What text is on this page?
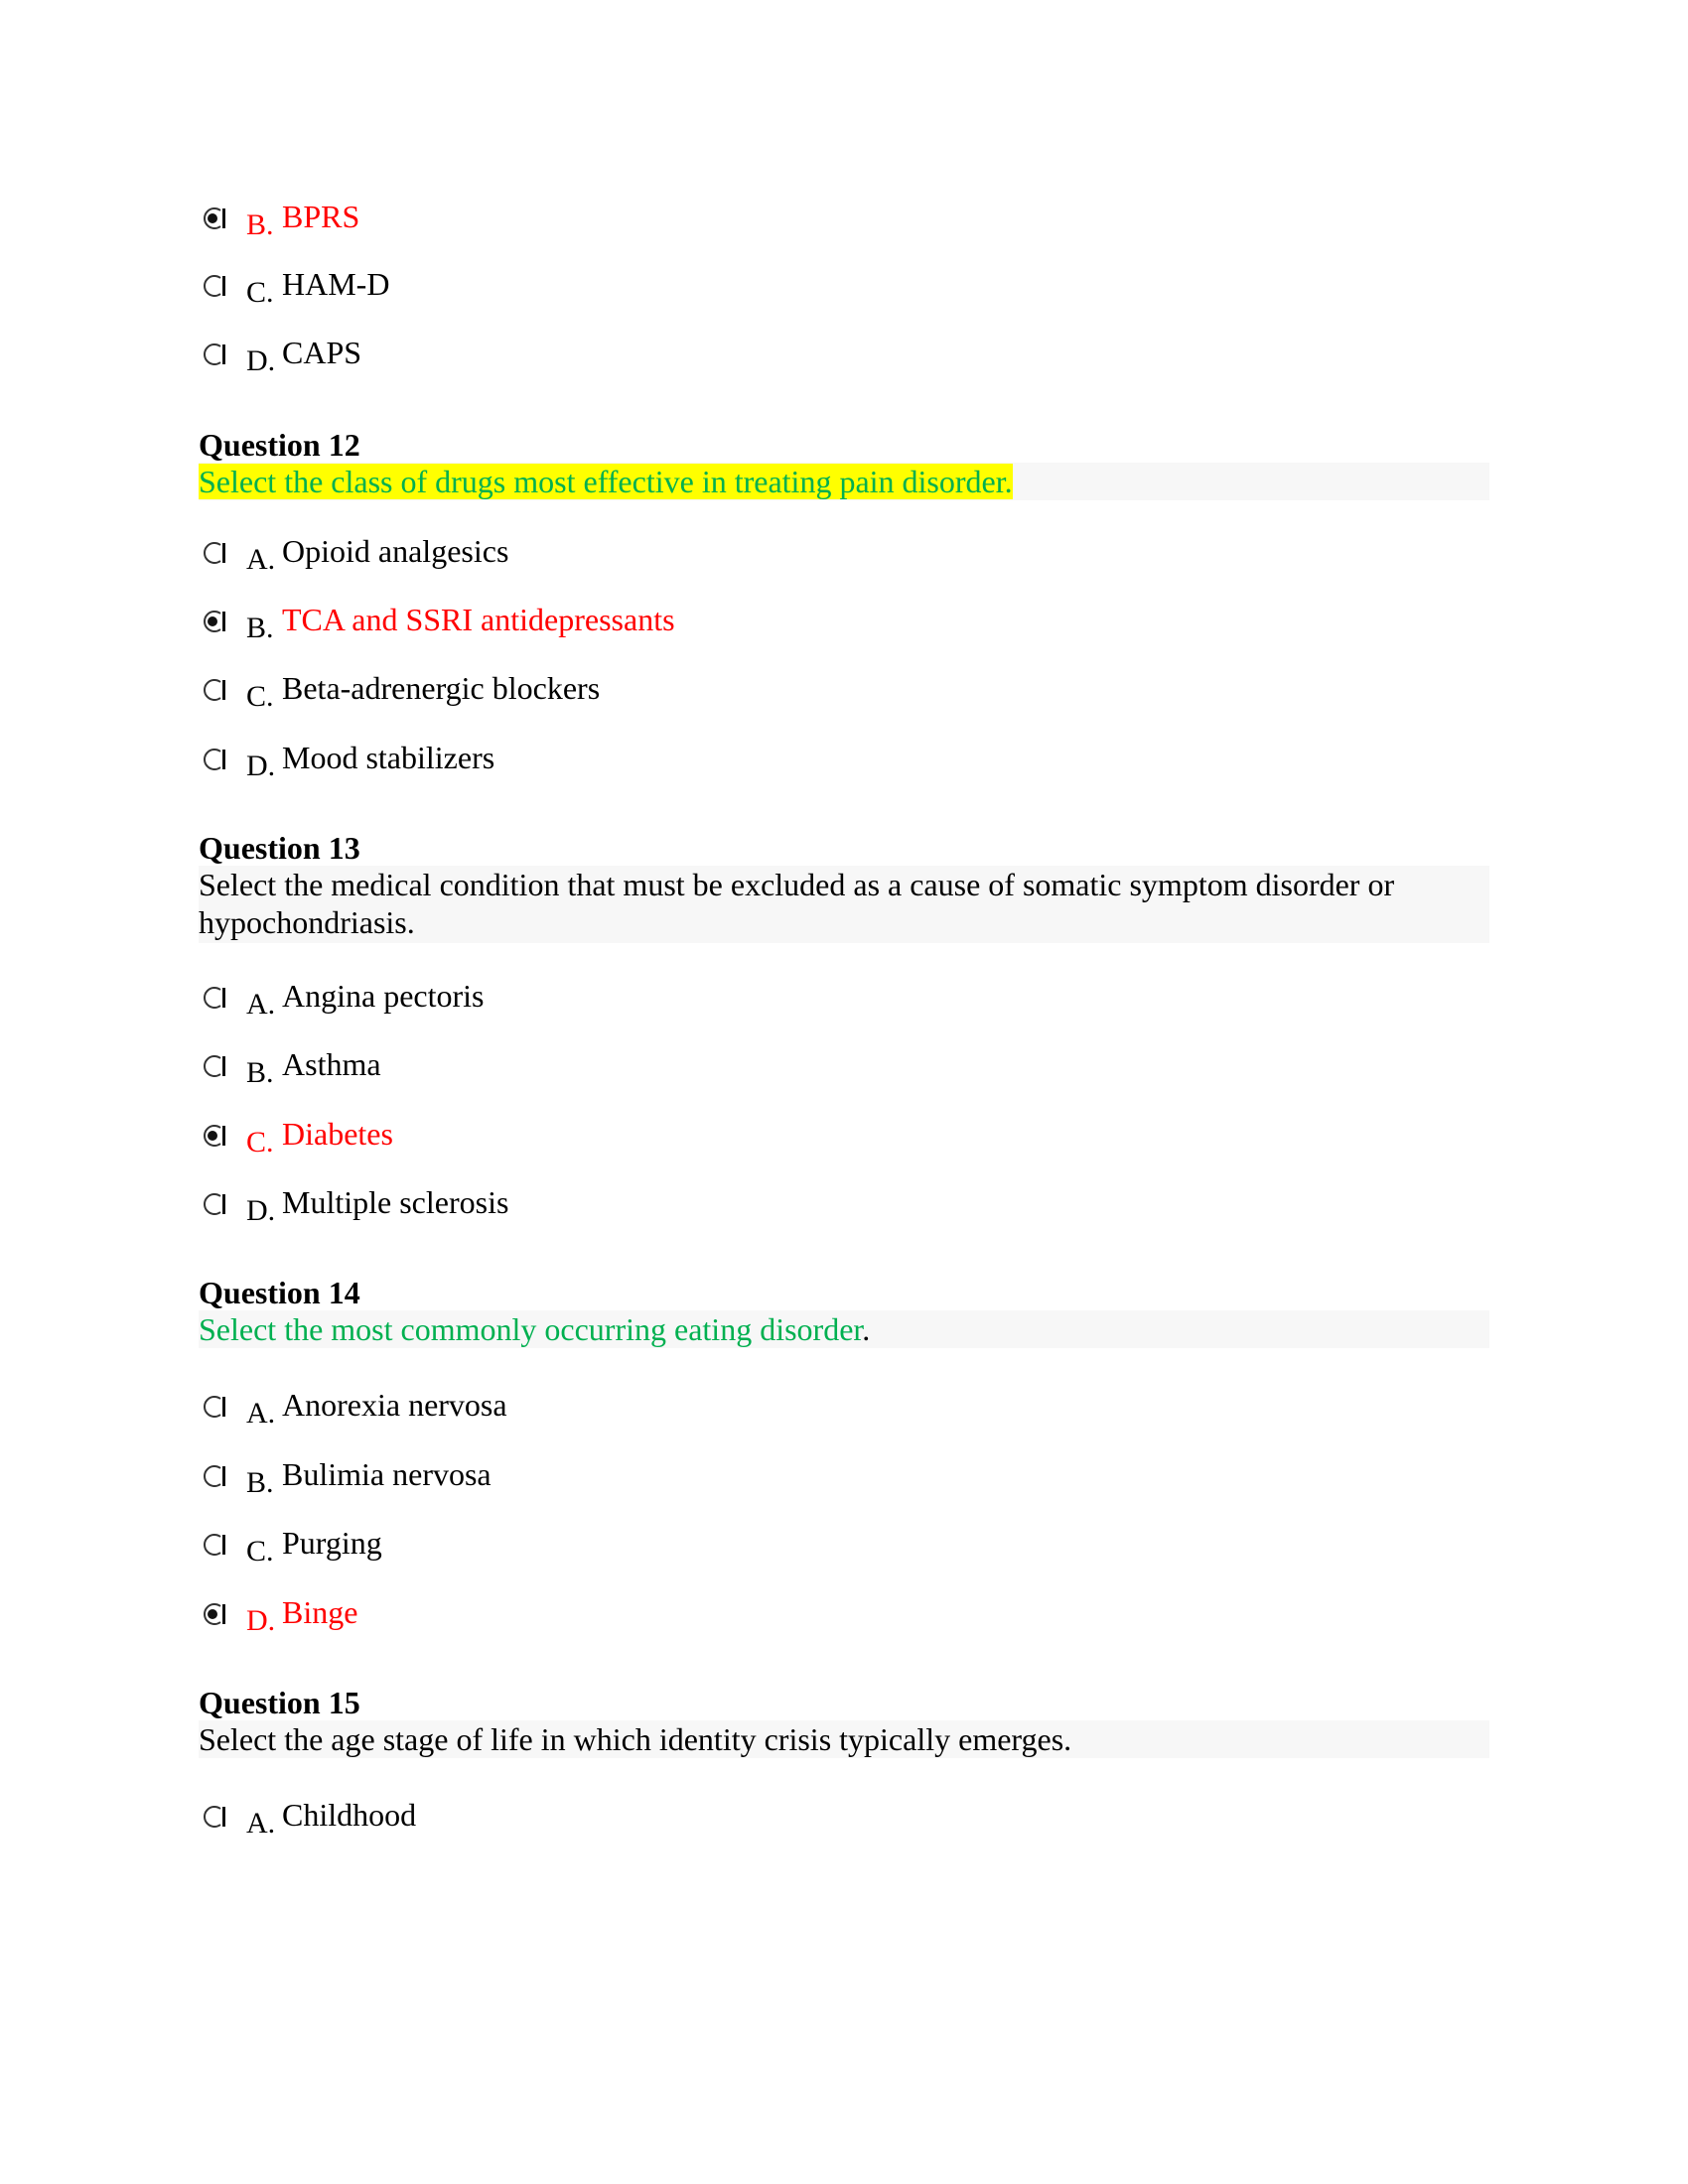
B. BPRS
C. HAM-D
D. CAPS
Question 12
Select the class of drugs most effective in treating pain disorder.
A. Opioid analgesics
B. TCA and SSRI antidepressants
C. Beta-adrenergic blockers
D. Mood stabilizers
Question 13
Select the medical condition that must be excluded as a cause of somatic symptom disorder or hypochondriasis.
A. Angina pectoris
B. Asthma
C. Diabetes
D. Multiple sclerosis
Question 14
Select the most commonly occurring eating disorder.
A. Anorexia nervosa
B. Bulimia nervosa
C. Purging
D. Binge
Question 15
Select the age stage of life in which identity crisis typically emerges.
A. Childhood
